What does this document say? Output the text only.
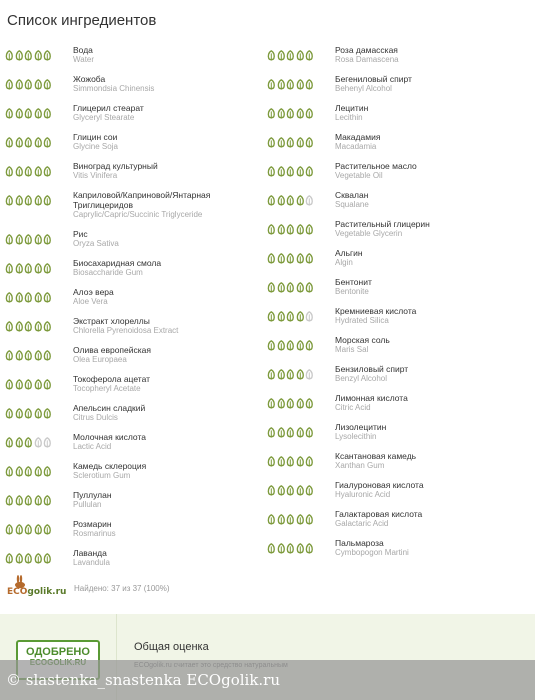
Список ингредиентов
Вода
Water
Жожоба
Simmondsia Chinensis
Глицерил стеарат
Glyceryl Stearate
Глицин сои
Glycine Soja
Виноград культурный
Vitis Vinifera
Каприловой/Каприновой/Янтарная Триглицеридов
Caprylic/Capric/Succinic Triglyceride
Рис
Oryza Sativa
Биосахаридная смола
Biosaccharide Gum
Алоэ вера
Aloe Vera
Экстракт хлореллы
Chlorella Pyrenoidosa Extract
Олива европейская
Olea Europaea
Токоферола ацетат
Tocopheryl Acetate
Апельсин сладкий
Citrus Dulcis
Молочная кислота
Lactic Acid
Камедь склероция
Sclerotium Gum
Пуллулан
Pullulan
Розмарин
Rosmarinus
Лаванда
Lavandula
Роза дамасская
Rosa Damascena
Бегениловый спирт
Behenyl Alcohol
Лецитин
Lecithin
Макадамия
Macadamia
Растительное масло
Vegetable Oil
Сквалан
Squalane
Растительный глицерин
Vegetable Glycerin
Альгин
Algin
Бентонит
Bentonite
Кремниевая кислота
Hydrated Silica
Морская соль
Maris Sal
Бензиловый спирт
Benzyl Alcohol
Лимонная кислота
Citric Acid
Лизолецитин
Lysolecithin
Ксантановая камедь
Xanthan Gum
Гиалуроновая кислота
Hyaluronic Acid
Галактаровая кислота
Galactaric Acid
Пальмароза
Cymbopogon Martini
ECOgolik.ru Найдено: 37 из 37 (100%)
ОДОБРЕНО	Общая оценка
© slastenka_snastenka ECOgolik.ru
